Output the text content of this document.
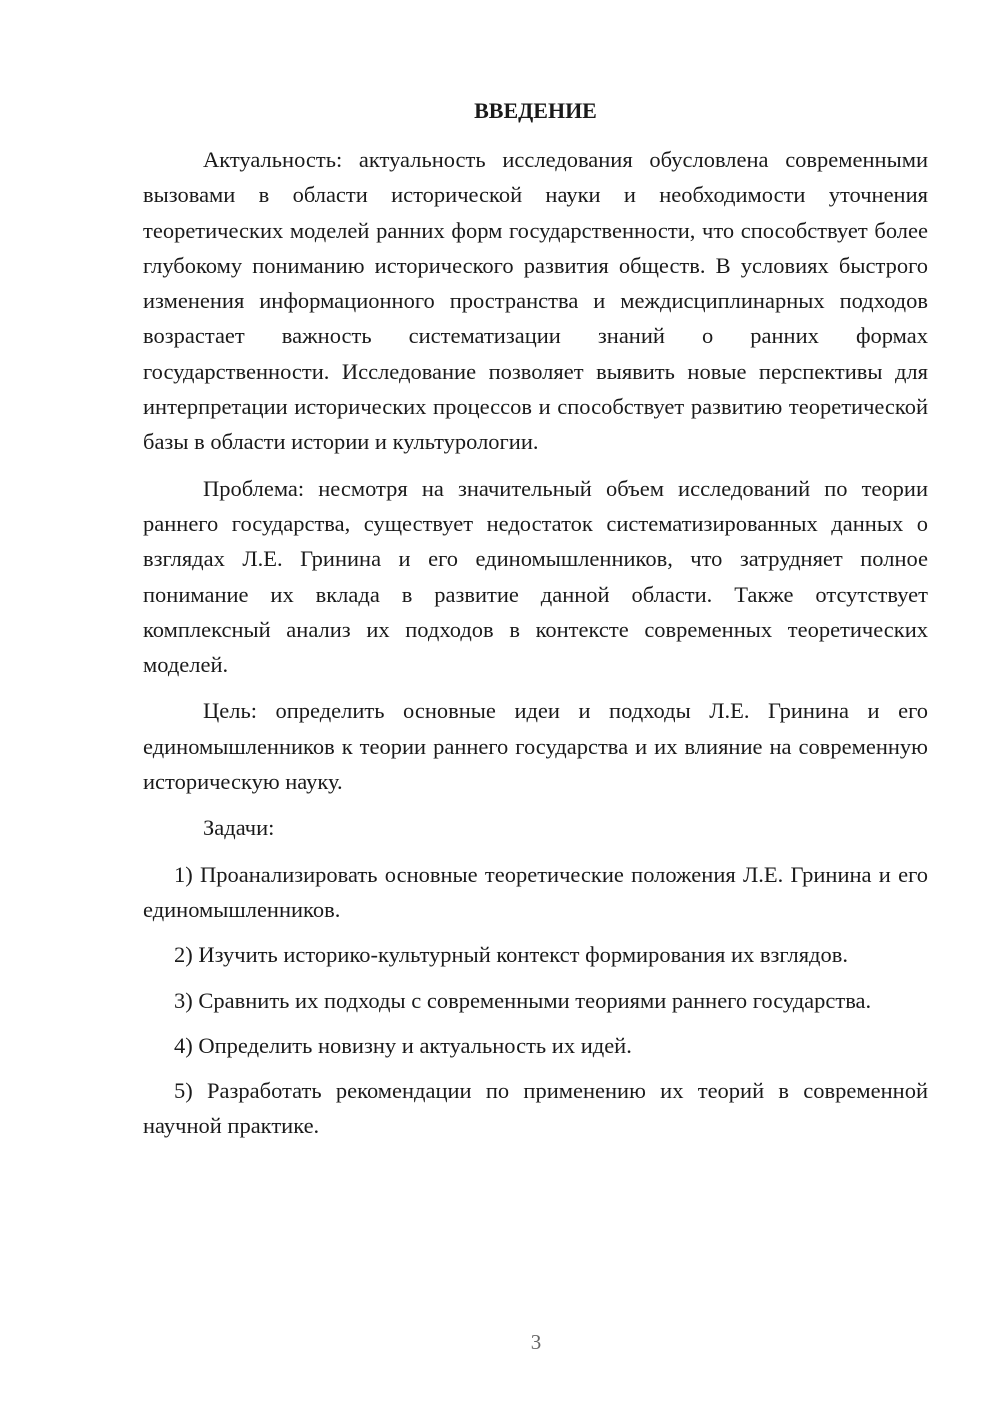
ВВЕДЕНИЕ

Актуальность: актуальность исследования обусловлена современными вызовами в области исторической науки и необходимости уточнения теоретических моделей ранних форм государственности, что способствует более глубокому пониманию исторического развития обществ. В условиях быстрого изменения информационного пространства и междисциплинарных подходов возрастает важность систематизации знаний о ранних формах государственности. Исследование позволяет выявить новые перспективы для интерпретации исторических процессов и способствует развитию теоретической базы в области истории и культурологии.

Проблема: несмотря на значительный объем исследований по теории раннего государства, существует недостаток систематизированных данных о взглядах Л.Е. Гринина и его единомышленников, что затрудняет полное понимание их вклада в развитие данной области. Также отсутствует комплексный анализ их подходов в контексте современных теоретических моделей.

Цель: определить основные идеи и подходы Л.Е. Гринина и его единомышленников к теории раннего государства и их влияние на современную историческую науку.

Задачи:

1) Проанализировать основные теоретические положения Л.Е. Гринина и его единомышленников.

2) Изучить историко-культурный контекст формирования их взглядов.

3) Сравнить их подходы с современными теориями раннего государства.

4) Определить новизну и актуальность их идей.

5) Разработать рекомендации по применению их теорий в современной научной практике.

3
